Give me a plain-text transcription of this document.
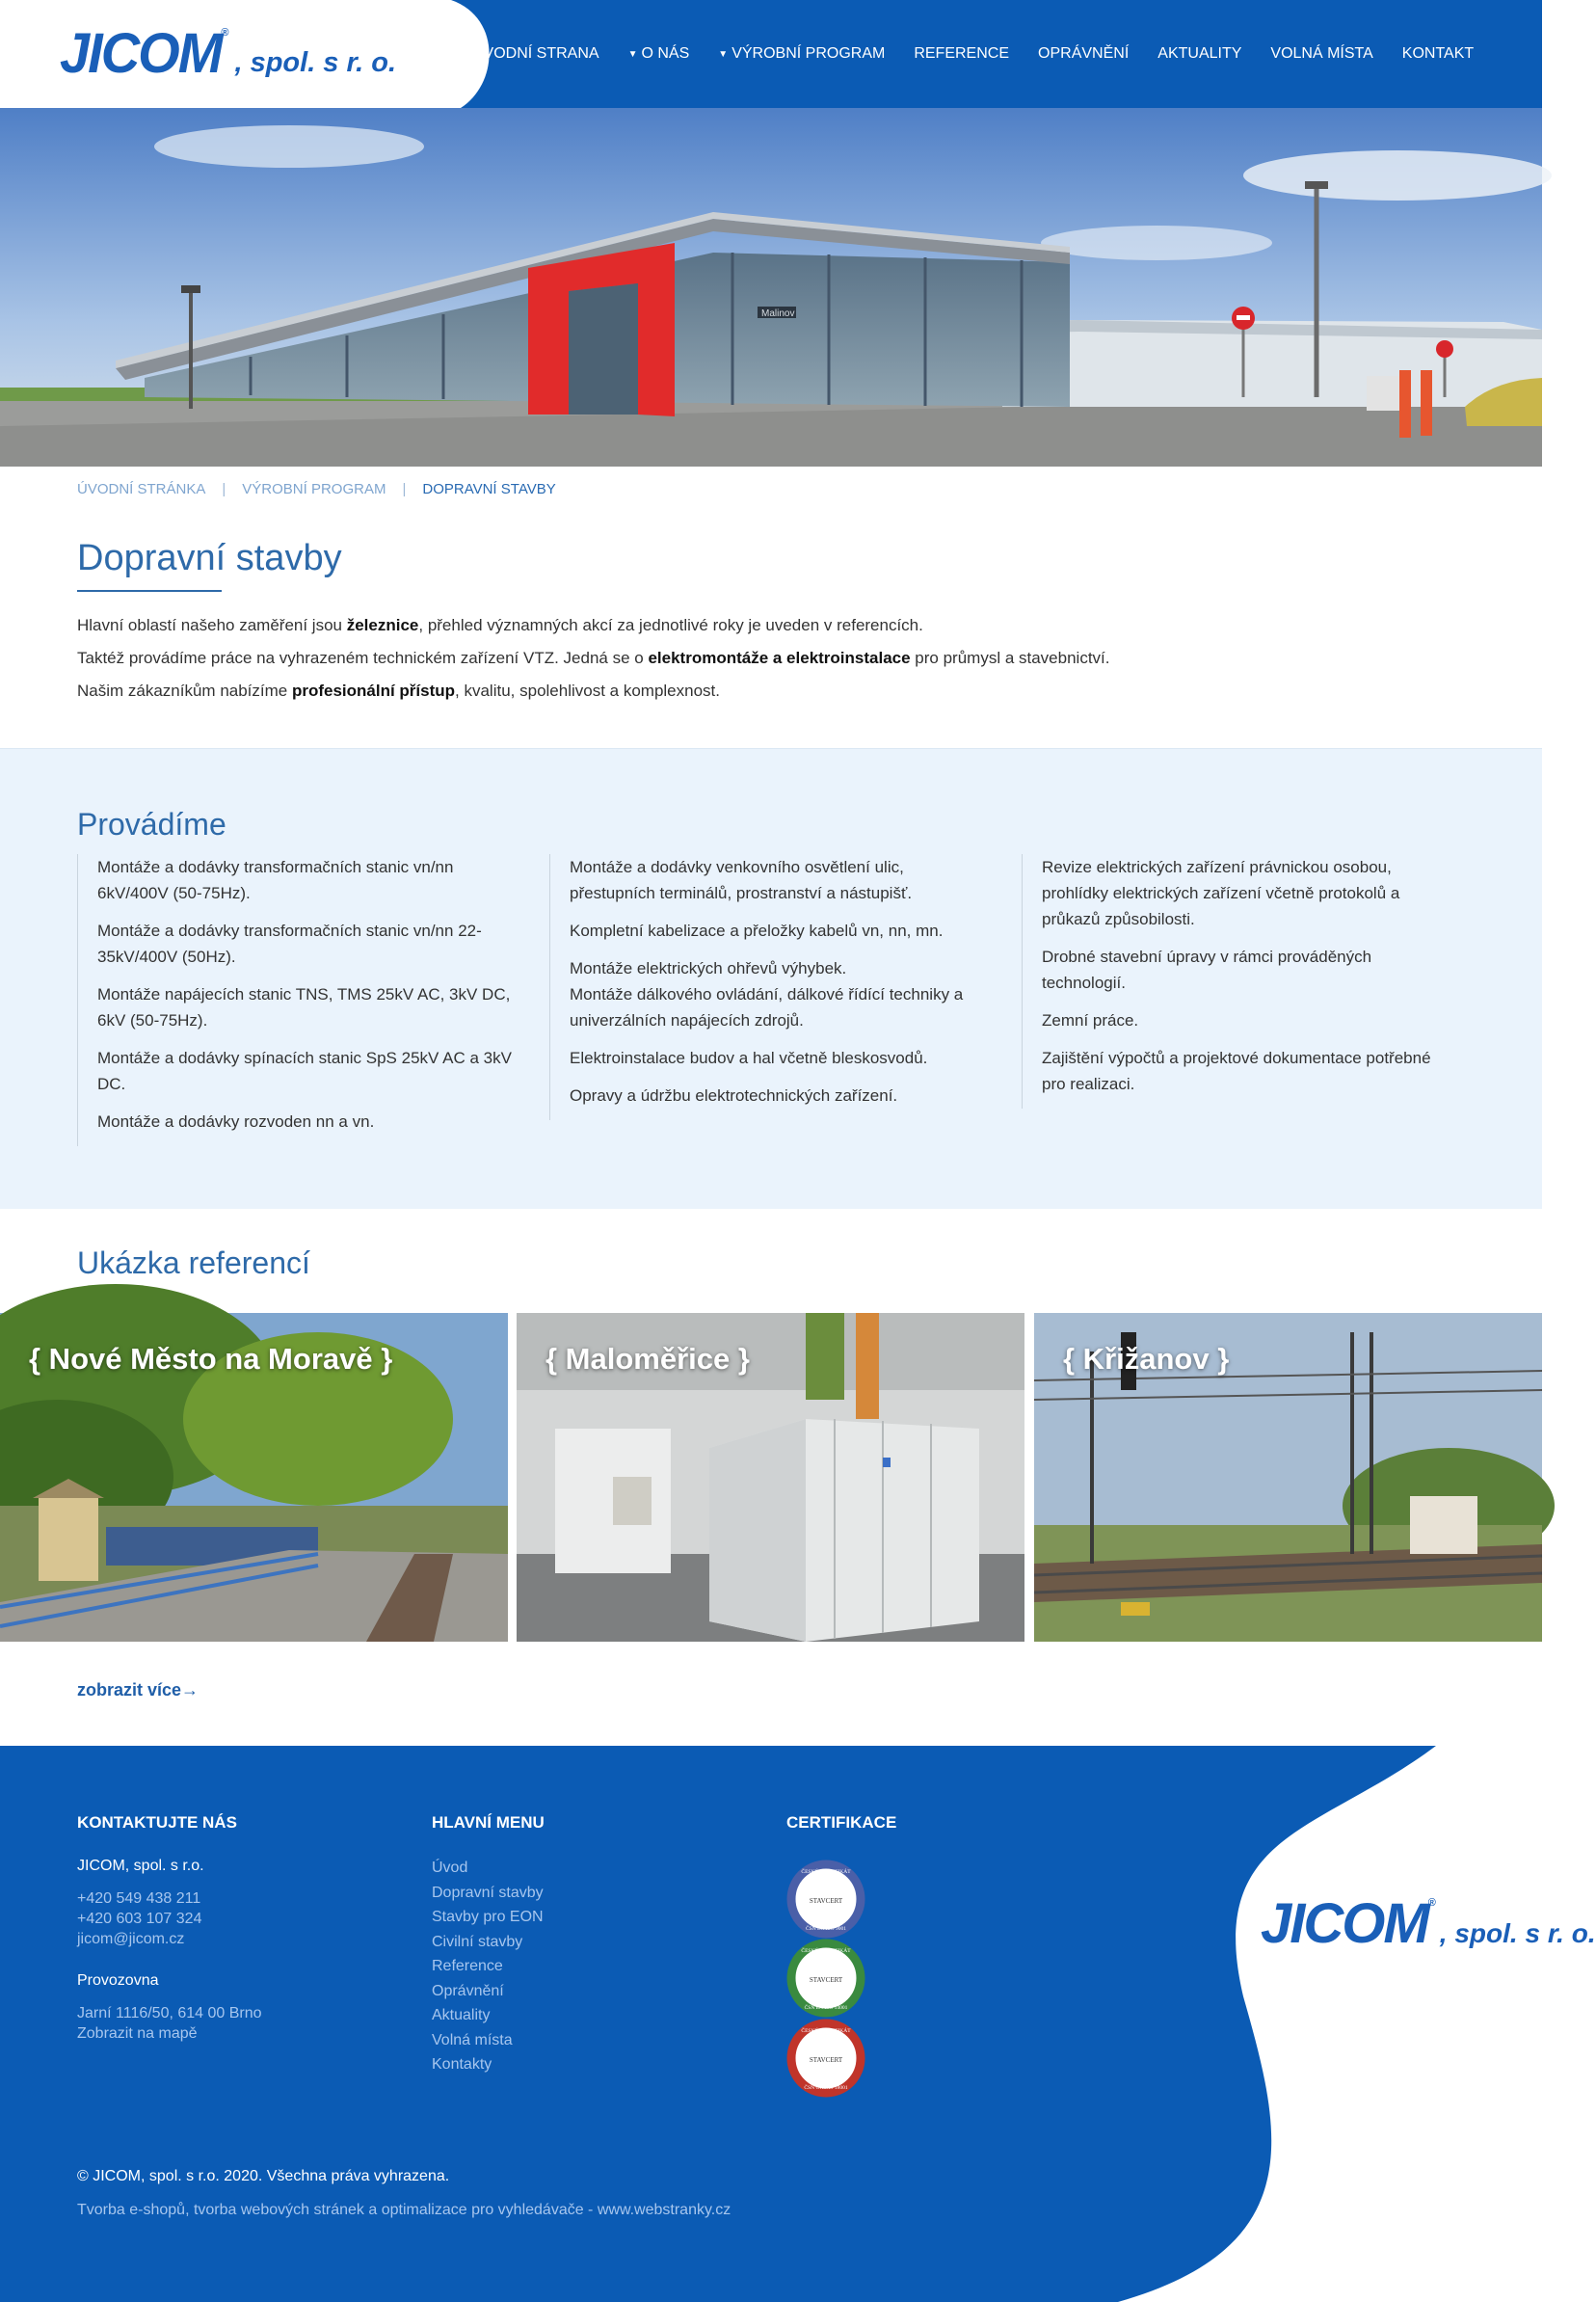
JICOM®, spol. s r. o.	ÚVODNÍ STRANA	▼ O NÁS	▼ VÝROBNÍ PROGRAM REFERENCE OPRÁVNĚNÍ AKTUALITY VOLNÁ MÍSTA KONTAKT
Malinov
ÚVODNÍ STRÁNKA | VÝROBNÍ PROGRAM | DOPRAVNÍ STAVBY
Dopravní stavby
Hlavní oblastí našeho zaměření jsou železnice, přehled významných akcí za jednotlivé roky je uveden v referencích.
Taktéž provádíme práce na vyhrazeném technickém zařízení VTZ. Jedná se o elektromontáže a elektroinstalace pro průmysl a stavebnictví.
Našim zákazníkům nabízíme profesionální přístup, kvalitu, spolehlivost a komplexnost.
Provádíme

Montáže a dodávky transformačních stanic vn/nn 6kV/400V (50-75Hz).

Montáže a dodávky transformačních stanic vn/nn 22-35kV/400V (50Hz).

Montáže napájecích stanic TNS, TMS 25kV AC, 3kV DC, 6kV (50-75Hz).

Montáže a dodávky spínacích stanic SpS 25kV AC a 3kV DC.

Montáže a dodávky rozvoden nn a vn.

Montáže a dodávky venkovního osvětlení ulic, přestupních terminálů, prostranství a nástupišť.

Kompletní kabelizace a přeložky kabelů vn, nn, mn.

Montáže elektrických ohřevů výhybek.
Montáže dálkového ovládání, dálkové řídící techniky a univerzálních napájecích zdrojů.

Elektroinstalace budov a hal včetně bleskosvodů.

Opravy a údržbu elektrotechnických zařízení.

Revize elektrických zařízení právnickou osobou, prohlídky elektrických zařízení včetně protokolů a průkazů způsobilosti.

Drobné stavební úpravy v rámci prováděných technologií.

Zemní práce.

Zajištění výpočtů a projektové dokumentace potřebné pro realizaci.

Ukázka referencí
{ Nové Město na Moravě }	{ Maloměřice }	{ Křižanov }
zobrazit více→
KONTAKTUJTE NÁS
JICOM, spol. s r.o.
+420 549 438 211
+420 603 107 324
jicom@jicom.cz
Provozovna
Jarní 1116/50, 614 00 Brno
Zobrazit na mapě
HLAVNÍ MENU
Úvod
Dopravní stavby
Stavby pro EON
Civilní stavby
Reference
Oprávnění
Aktuality
Volná místa
Kontakty
CERTIFIKACE
STAVCERT
ČESKÝ CERTIFIKÁT
ČSN EN ISO 9001
STAVCERT
ČESKÝ CERTIFIKÁT
ČSN EN ISO 14001
STAVCERT
ČESKÝ CERTIFIKÁT
ČSN OHSAS 18001
JICOM®, spol. s r. o.
© JICOM, spol. s r.o. 2020. Všechna práva vyhrazena.
Tvorba e-shopů, tvorba webových stránek a optimalizace pro vyhledávače - www.webstranky.cz
